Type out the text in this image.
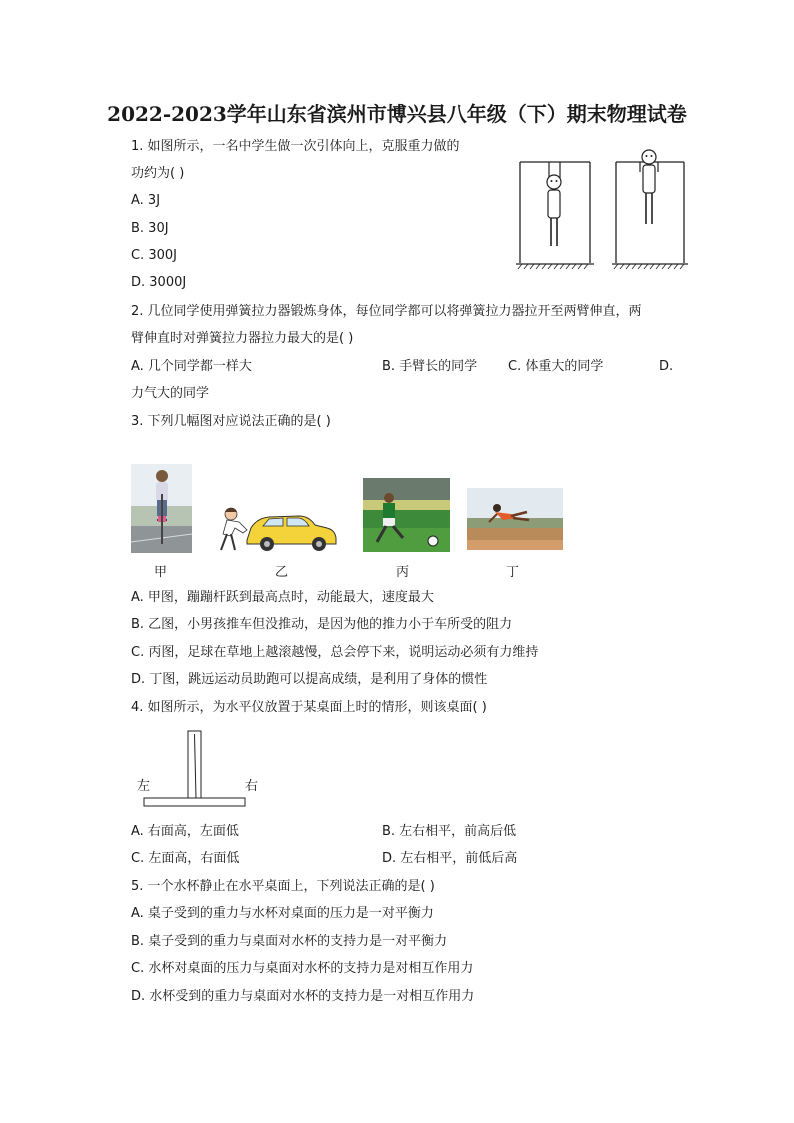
2022-2023学年山东省滨州市博兴县八年级（下）期末物理试卷
1. 如图所示，一名中学生做一次引体向上，克服重力做的
功约为( )
A. 3J
B. 30J
C. 300J
D. 3000J
2. 几位同学使用弹簧拉力器锻炼身体，每位同学都可以将弹簧拉力器拉开至两臂伸直，两
臂伸直时对弹簧拉力器拉力最大的是( )
A. 几个同学都一样大	B. 手臂长的同学 C. 体重大的同学	D.
力气大的同学
3. 下列几幅图对应说法正确的是( )
甲	乙	丙	丁
A. 甲图，蹦蹦杆跃到最高点时，动能最大，速度最大
B. 乙图，小男孩推车但没推动，是因为他的推力小于车所受的阻力
C. 丙图，足球在草地上越滚越慢，总会停下来，说明运动必须有力维持
D. 丁图，跳远运动员助跑可以提高成绩，是利用了身体的惯性
4. 如图所示，为水平仪放置于某桌面上时的情形，则该桌面( )
左	右
A. 右面高，左面低	B. 左右相平，前高后低
C. 左面高，右面低	D. 左右相平，前低后高
5. 一个水杯静止在水平桌面上，下列说法正确的是( )
A. 桌子受到的重力与水杯对桌面的压力是一对平衡力
B. 桌子受到的重力与桌面对水杯的支持力是一对平衡力
C. 水杯对桌面的压力与桌面对水杯的支持力是对相互作用力
D. 水杯受到的重力与桌面对水杯的支持力是一对相互作用力
